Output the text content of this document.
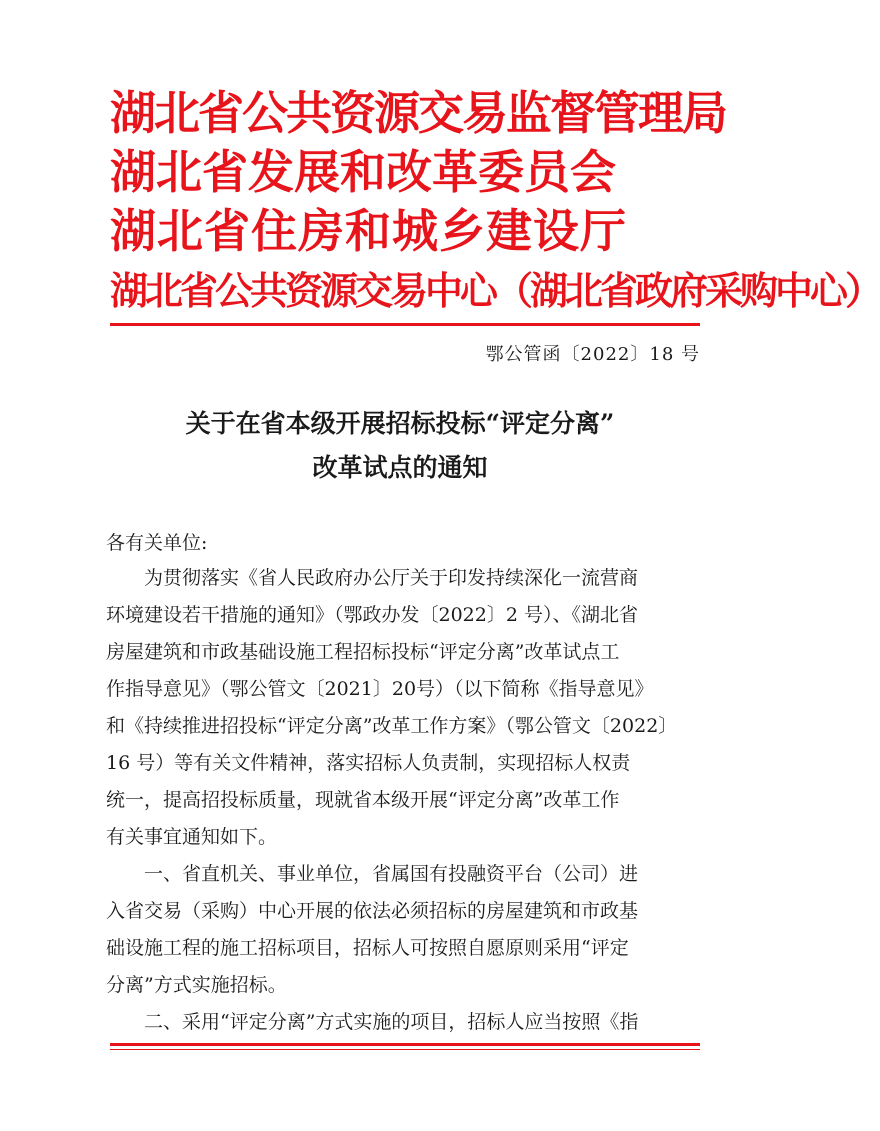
湖北省公共资源交易监督管理局
湖北省发展和改革委员会
湖北省住房和城乡建设厅
湖北省公共资源交易中心（湖北省政府采购中心）
鄂公管函〔2022〕18 号
关于在省本级开展招标投标“评定分离”
改革试点的通知
各有关单位:
　　为贯彻落实《省人民政府办公厅关于印发持续深化一流营商
环境建设若干措施的通知》（鄂政办发〔2022〕2 号）、《湖北省
房屋建筑和市政基础设施工程招标投标“评定分离”改革试点工
作指导意见》（鄂公管文〔2021〕20号）（以下简称《指导意见》
和《持续推进招投标“评定分离”改革工作方案》（鄂公管文〔2022〕
16 号）等有关文件精神，落实招标人负责制，实现招标人权责
统一，提高招投标质量，现就省本级开展“评定分离”改革工作
有关事宜通知如下。
　　一、省直机关、事业单位，省属国有投融资平台（公司）进
入省交易（采购）中心开展的依法必须招标的房屋建筑和市政基
础设施工程的施工招标项目，招标人可按照自愿原则采用“评定
分离”方式实施招标。
　　二、采用“评定分离”方式实施的项目，招标人应当按照《指
